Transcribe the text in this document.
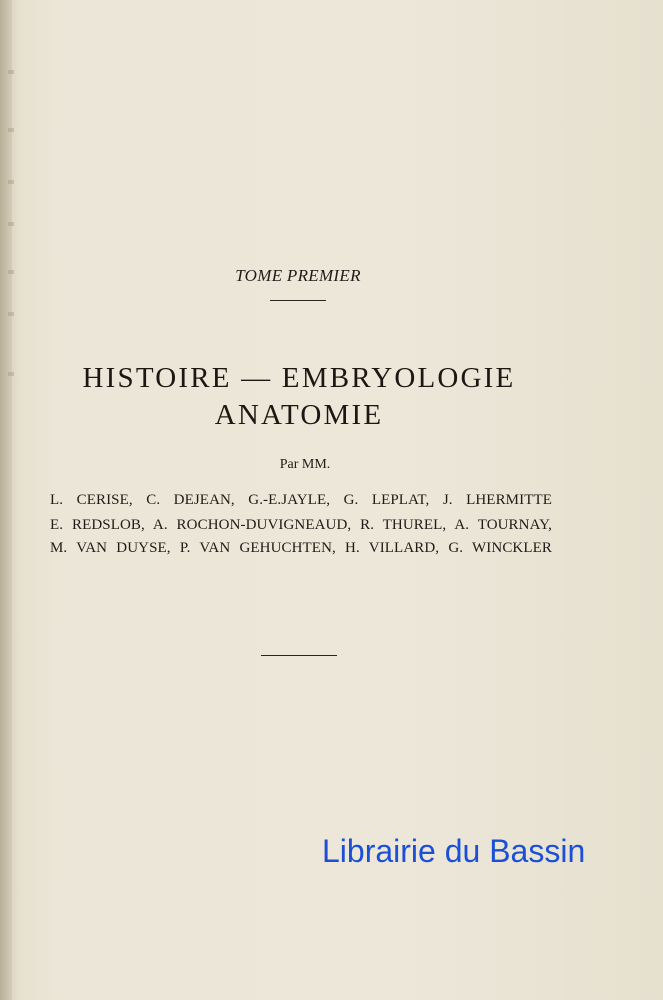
TOME PREMIER
HISTOIRE — EMBRYOLOGIE
ANATOMIE
Par MM.
L. CERISE, C. DEJEAN, G.-E.JAYLE, G. LEPLAT, J. LHERMITTE
E. REDSLOB, A. ROCHON-DUVIGNEAUD, R. THUREL, A. TOURNAY,
M. VAN DUYSE, P. VAN GEHUCHTEN, H. VILLARD, G. WINCKLER
Librairie du Bassin
